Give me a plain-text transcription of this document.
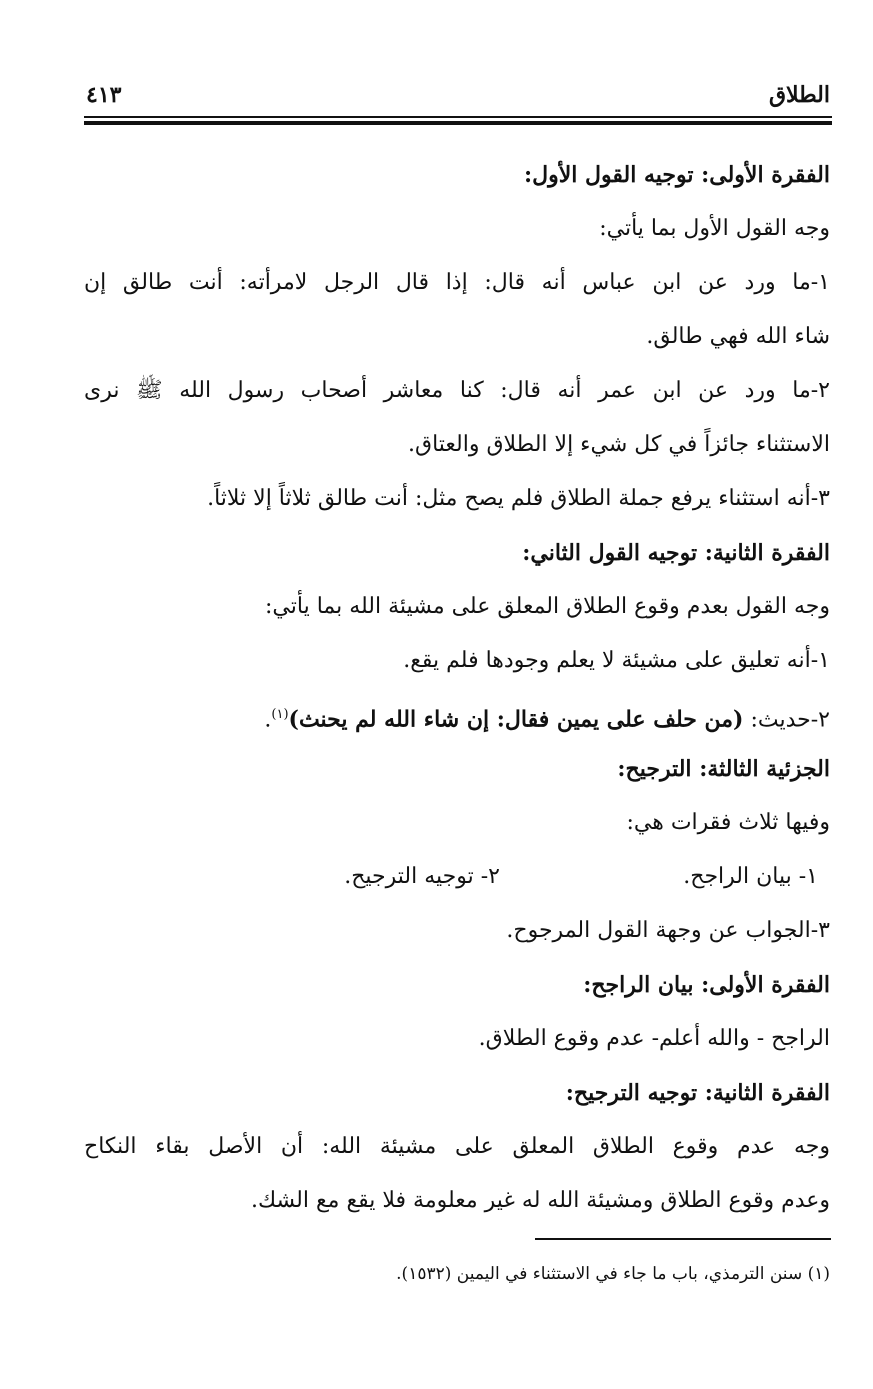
الطلاق
٤١٣
الفقرة الأولى: توجيه القول الأول:
وجه القول الأول بما يأتي:
١-ما ورد عن ابن عباس أنه قال: إذا قال الرجل لامرأته: أنت طالق إن
شاء الله فهي طالق.
٢-ما ورد عن ابن عمر أنه قال: كنا معاشر أصحاب رسول الله ﷺ نرى
الاستثناء جائزاً في كل شيء إلا الطلاق والعتاق.
٣-أنه استثناء يرفع جملة الطلاق فلم يصح مثل: أنت طالق ثلاثاً إلا ثلاثاً.
الفقرة الثانية: توجيه القول الثاني:
وجه القول بعدم وقوع الطلاق المعلق على مشيئة الله بما يأتي:
١-أنه تعليق على مشيئة لا يعلم وجودها فلم يقع.
٢-حديث: (من حلف على يمين فقال: إن شاء الله لم يحنث)$^{(١)}$.
الجزئية الثالثة: الترجيح:
وفيها ثلاث فقرات هي:
١- بيان الراجح.
٢- توجيه الترجيح.
٣-الجواب عن وجهة القول المرجوح.
الفقرة الأولى: بيان الراجح:
الراجح - والله أعلم- عدم وقوع الطلاق.
الفقرة الثانية: توجيه الترجيح:
وجه عدم وقوع الطلاق المعلق على مشيئة الله: أن الأصل بقاء النكاح
وعدم وقوع الطلاق ومشيئة الله له غير معلومة فلا يقع مع الشك.
(١) سنن الترمذي، باب ما جاء في الاستثناء في اليمين (١٥٣٢).
